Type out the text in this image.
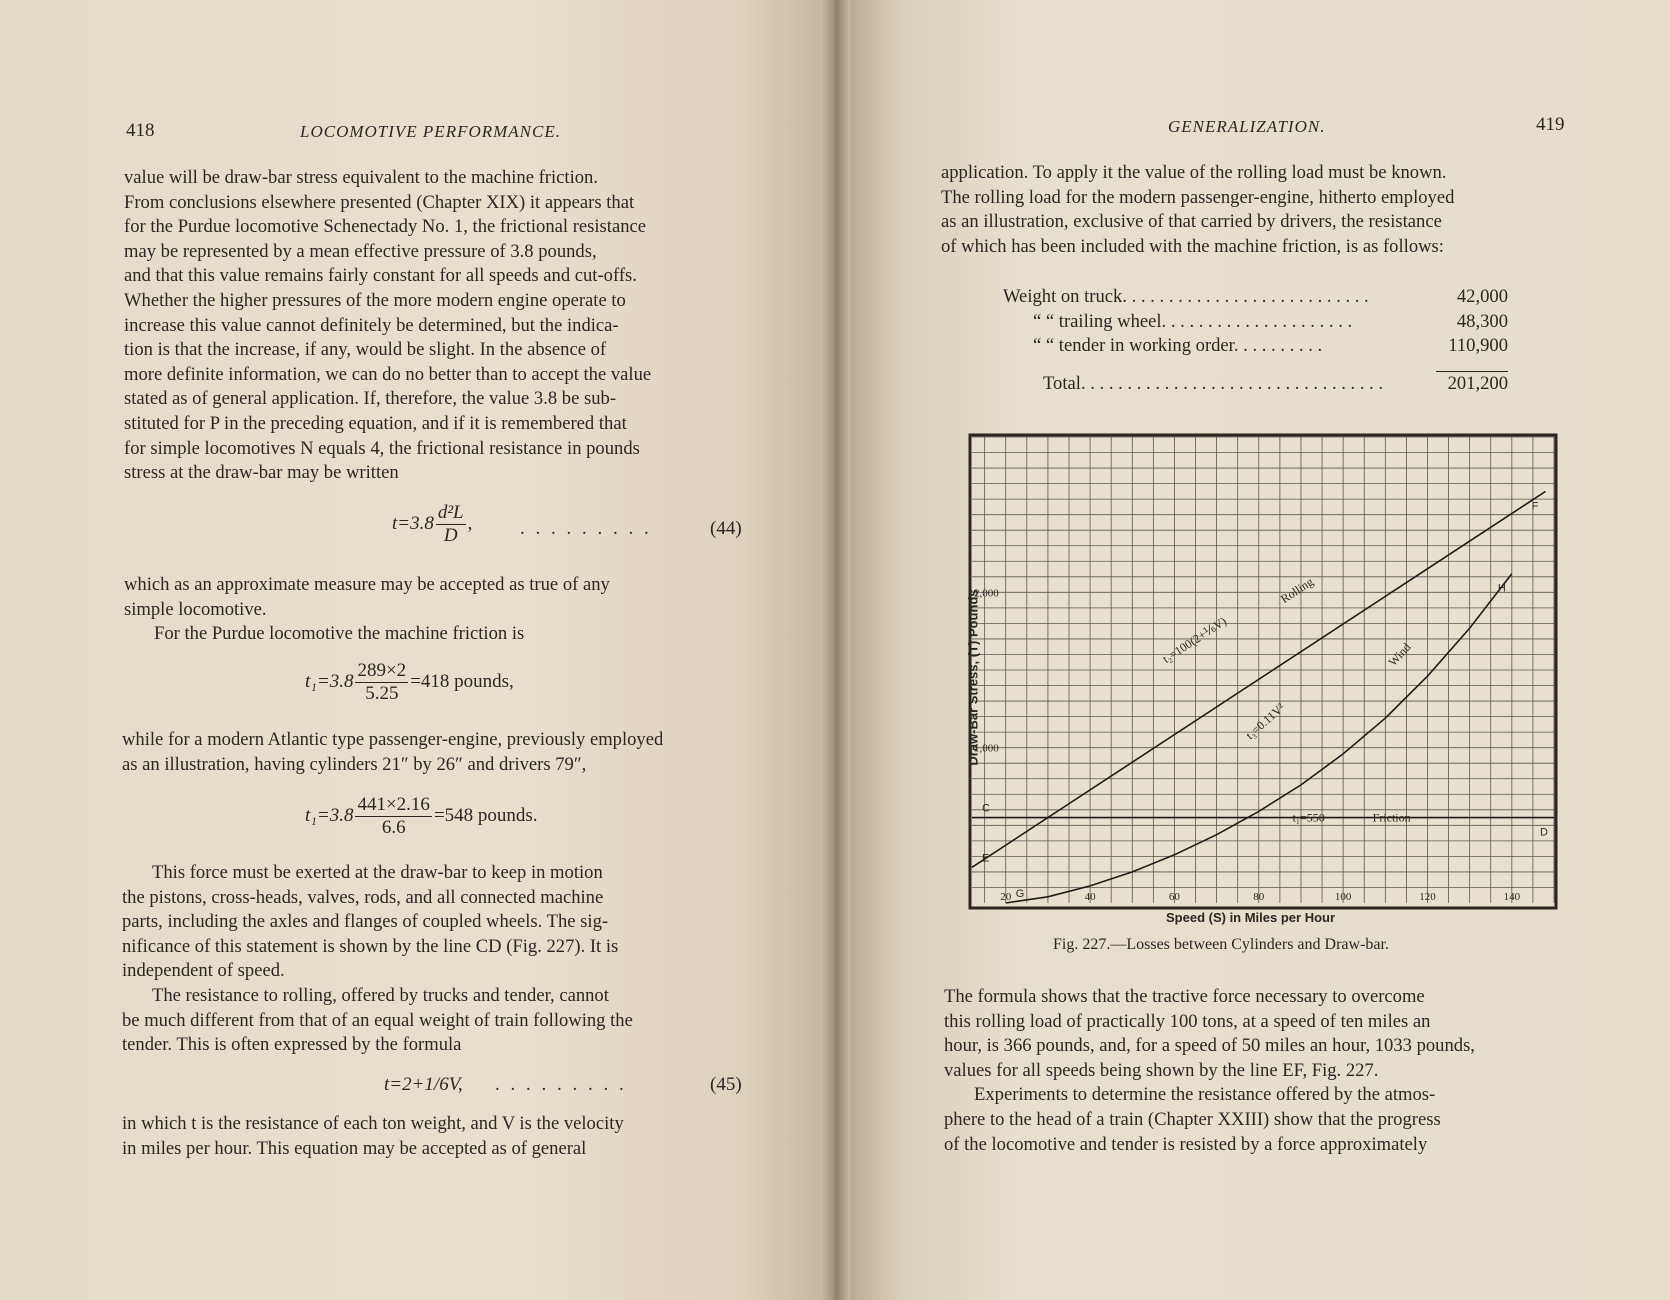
418	LOCOMOTIVE PERFORMANCE.

value will be draw-bar stress equivalent to the machine friction.

From conclusions elsewhere presented (Chapter XIX) it appears that

for the Purdue locomotive Schenectady No. 1, the frictional resistance

may be represented by a mean effective pressure of 3.8 pounds,

and that this value remains fairly constant for all speeds and cut-offs.

Whether the higher pressures of the more modern engine operate to

increase this value cannot definitely be determined, but the indica-

tion is that the increase, if any, would be slight. In the absence of

more definite information, we can do no better than to accept the value

stated as of general application. If, therefore, the value 3.8 be sub-

stituted for P in the preceding equation, and if it is remembered that

for simple locomotives N equals 4, the frictional resistance in pounds

stress at the draw-bar may be written

$t=3.8 \frac{\text{d²L}}{D}$ ,	. . . . . . . . .	(44)

which as an approximate measure may be accepted as true of any

simple locomotive.

For the Purdue locomotive the machine friction is

$t_1=3.8 \frac{289\times 2}{5.25} =418$ pounds,

while for a modern Atlantic type passenger-engine, previously employed

as an illustration, having cylinders 21″ by 26″ and drivers 79″,

$t_1=3.8 \frac{441\times 2.16}{6.6} =548$ pounds.

This force must be exerted at the draw-bar to keep in motion

the pistons, cross-heads, valves, rods, and all connected machine

parts, including the axles and flanges of coupled wheels. The sig-

nificance of this statement is shown by the line CD (Fig. 227). It is

independent of speed.

The resistance to rolling, offered by trucks and tender, cannot

be much different from that of an equal weight of train following the

tender. This is often expressed by the formula

t=2+1/6V, . . . . . . . . .	(45)

in which t is the resistance of each ton weight, and V is the velocity

in miles per hour. This equation may be accepted as of general

GENERALIZATION.	419

application. To apply it the value of the rolling load must be known.

The rolling load for the modern passenger-engine, hitherto employed

as an illustration, exclusive of that carried by drivers, the resistance

of which has been included with the machine friction, is as follows:

Weight on truck. . . . . . . . . . . . . . . . . . . . . . . . . . .	42,000
“ “ trailing wheel. . . . . . . . . . . . . . . . . . . . .	48,300
“ “ tender in working order. . . . . . . . . .	110,900

Total. . . . . . . . . . . . . . . . . . . . . . . . . . . . . . . . .	201,200
1,000
2,000
20	40	60	80	100	120	140
C
D
E
F
G
H
t₁=550	Friction
t₂=100(2+⅙V)
Rolling
t₃=0.11V²
Wind
Fig. 227.—Losses between Cylinders and Draw-bar.

The formula shows that the tractive force necessary to overcome

this rolling load of practically 100 tons, at a speed of ten miles an

hour, is 366 pounds, and, for a speed of 50 miles an hour, 1033 pounds,

values for all speeds being shown by the line EF, Fig. 227.

Experiments to determine the resistance offered by the atmos-

phere to the head of a train (Chapter XXIII) show that the progress

of the locomotive and tender is resisted by a force approximately

Draw-Bar Stress, (T) Pounds
Speed (S) in Miles per Hour
